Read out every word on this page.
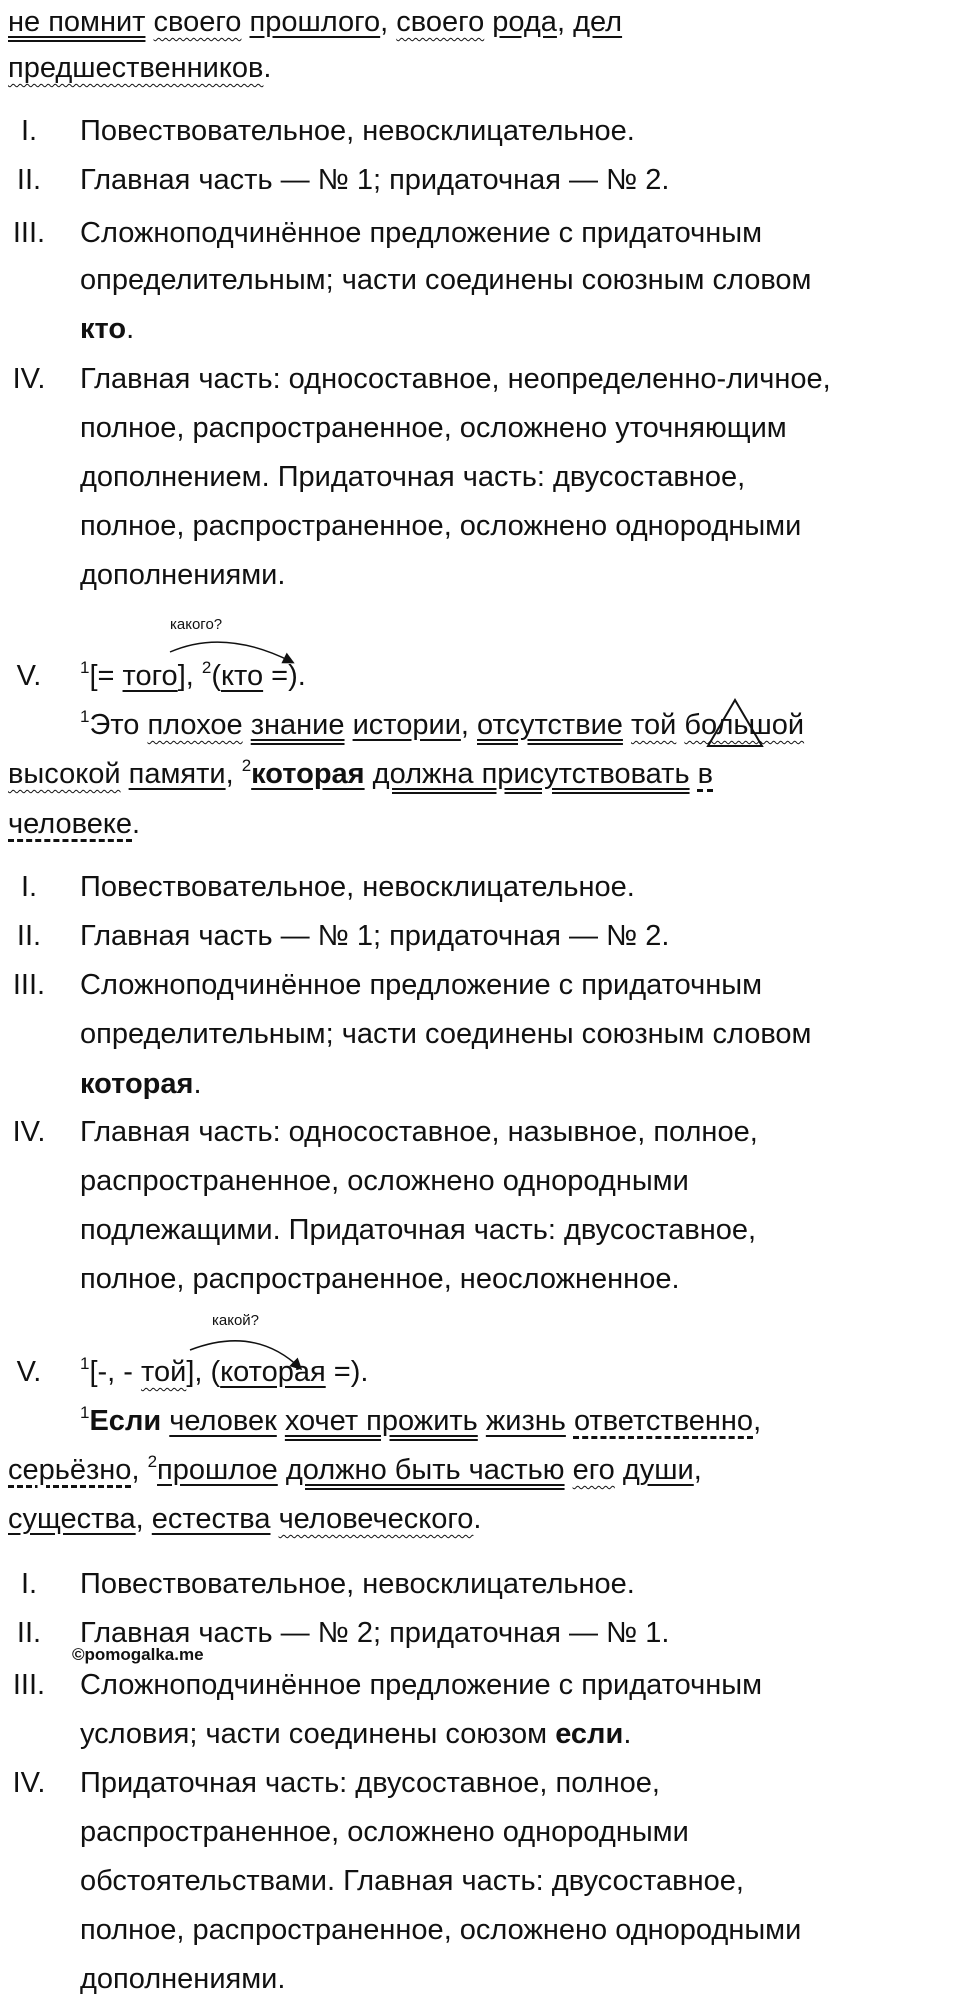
не помнит своего прошлого, своего рода, дел
предшественников.
I.	Повествовательное, невосклицательное.
II.	Главная часть — № 1; придаточная — № 2.
III.	Сложноподчинённое предложение с придаточным
определительным; части соединены союзным словом
кто.
IV.	Главная часть: односоставное, неопределенно-личное,
полное, распространенное, осложнено уточняющим
дополнением. Придаточная часть: двусоставное,
полное, распространенное, осложнено однородными
дополнениями.
какого?
V.	$^1$[= того], $^2$(кто =).
$^1$Это плохое знание истории, отсутствие той большой
высокой памяти, $^2$которая должна присутствовать в
человеке.
I.	Повествовательное, невосклицательное.
II.	Главная часть — № 1; придаточная — № 2.
III.	Сложноподчинённое предложение с придаточным
определительным; части соединены союзным словом
которая.
IV.	Главная часть: односоставное, назывное, полное,
распространенное, осложнено однородными
подлежащими. Придаточная часть: двусоставное,
полное, распространенное, неосложненное.
какой?
V.	$^1$[-, - той], (которая =).
$^1$Если человек хочет прожить жизнь ответственно,
серьёзно, $^2$прошлое должно быть частью его души,
существа, естества человеческого.
I.	Повествовательное, невосклицательное.
II.	Главная часть — № 2; придаточная — № 1.
©pomogalka.me
III.	Сложноподчинённое предложение с придаточным
условия; части соединены союзом если.
IV.	Придаточная часть: двусоставное, полное,
распространенное, осложнено однородными
обстоятельствами. Главная часть: двусоставное,
полное, распространенное, осложнено однородными
дополнениями.
